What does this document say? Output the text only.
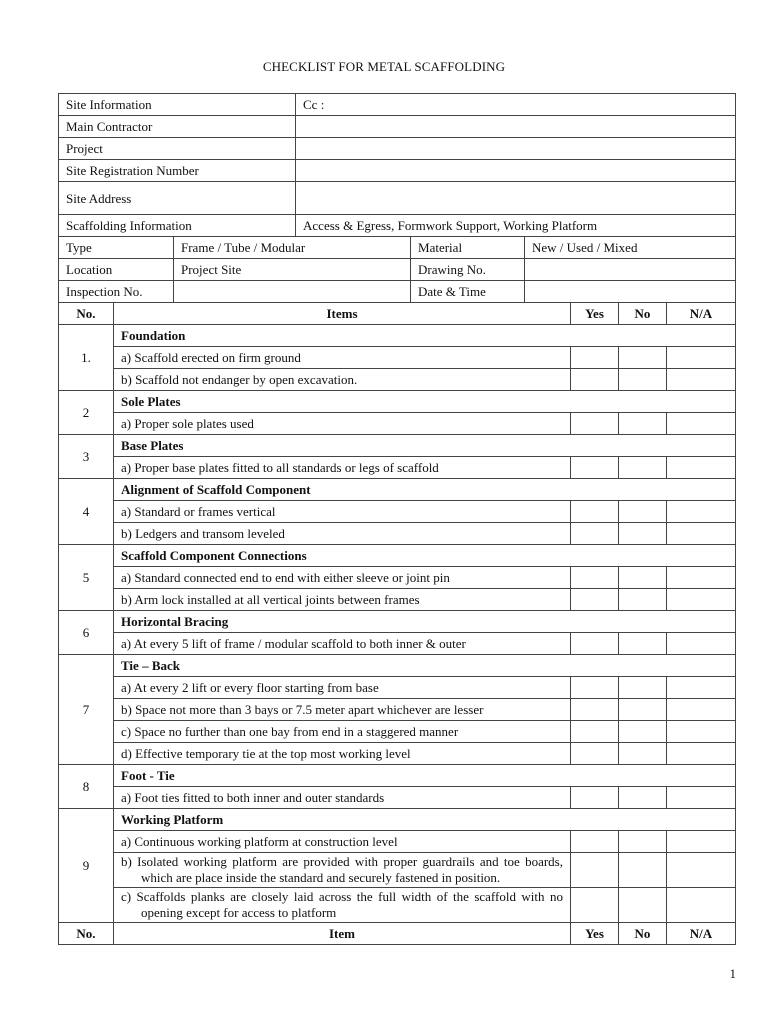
CHECKLIST FOR METAL SCAFFOLDING
Site Information		Cc :		
Main Contractor				
Project				
Site Registration Number				
Site Address				
Scaffolding Information		Access & Egress, Formwork Support, Working Platform		
Type	Frame / Tube / Modular		Material	New / Used / Mixed
Location	Project Site		Drawing No.	
Inspection No.			Date & Time	
No.	Items	Yes	No	N/A
1.	Foundation			
	a) Scaffold erected on firm ground			
	b) Scaffold not endanger by open excavation.			
2	Sole Plates			
	a) Proper sole plates used			
3	Base Plates			
	a) Proper base plates fitted to all standards or legs of scaffold			
4	Alignment of Scaffold Component			
	a) Standard or frames vertical			
	b) Ledgers and transom leveled			
5	Scaffold Component Connections			
	a) Standard connected end to end with either sleeve or joint pin			
	b) Arm lock installed at all vertical joints between frames			
6	Horizontal Bracing			
	a) At every 5 lift of frame / modular scaffold to both inner & outer			
7	Tie – Back			
	a) At every 2 lift or every floor starting from base			
	b) Space not more than 3 bays or 7.5 meter apart whichever are lesser			
	c) Space no further than one bay from end in a staggered manner			
	d) Effective temporary tie at the top most working level			
8	Foot - Tie			
	a) Foot ties fitted to both inner and outer standards			
9	Working Platform			
	a) Continuous working platform at construction level			

	b) Isolated working platform are provided with proper guardrails and toe boards, which are place inside the standard and securely fastened in position.			

	c) Scaffolds planks are closely laid across the full width of the scaffold with no opening except for access to platform			

No.	Item	Yes	No	N/A
1
